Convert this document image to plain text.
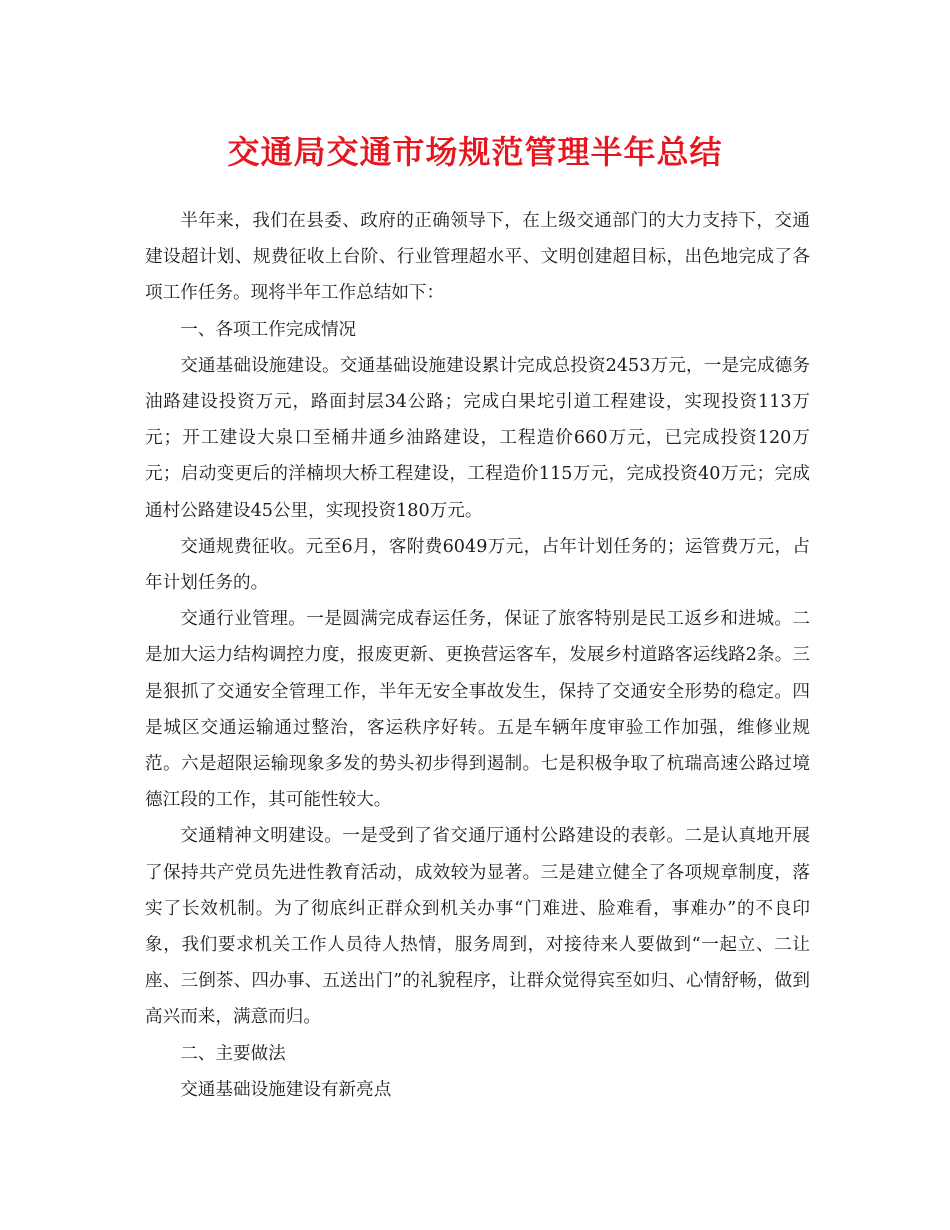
交通局交通市场规范管理半年总结

半年来，我们在县委、政府的正确领导下，在上级交通部门的大力支持下，交通建设超计划、规费征收上台阶、行业管理超水平、文明创建超目标，出色地完成了各项工作任务。现将半年工作总结如下：

一、各项工作完成情况

交通基础设施建设。交通基础设施建设累计完成总投资2453万元，一是完成德务油路建设投资万元，路面封层34公路；完成白果坨引道工程建设，实现投资113万元；开工建设大泉口至桶井通乡油路建设，工程造价660万元，已完成投资120万元；启动变更后的洋楠坝大桥工程建设，工程造价115万元，完成投资40万元；完成通村公路建设45公里，实现投资180万元。

交通规费征收。元至6月，客附费6049万元，占年计划任务的；运管费万元，占年计划任务的。

交通行业管理。一是圆满完成春运任务，保证了旅客特别是民工返乡和进城。二是加大运力结构调控力度，报废更新、更换营运客车，发展乡村道路客运线路2条。三是狠抓了交通安全管理工作，半年无安全事故发生，保持了交通安全形势的稳定。四是城区交通运输通过整治，客运秩序好转。五是车辆年度审验工作加强，维修业规范。六是超限运输现象多发的势头初步得到遏制。七是积极争取了杭瑞高速公路过境德江段的工作，其可能性较大。

交通精神文明建设。一是受到了省交通厅通村公路建设的表彰。二是认真地开展了保持共产党员先进性教育活动，成效较为显著。三是建立健全了各项规章制度，落实了长效机制。为了彻底纠正群众到机关办事“门难进、脸难看，事难办”的不良印象，我们要求机关工作人员待人热情，服务周到，对接待来人要做到“一起立、二让座、三倒茶、四办事、五送出门”的礼貌程序，让群众觉得宾至如归、心情舒畅，做到高兴而来，满意而归。

二、主要做法

交通基础设施建设有新亮点
